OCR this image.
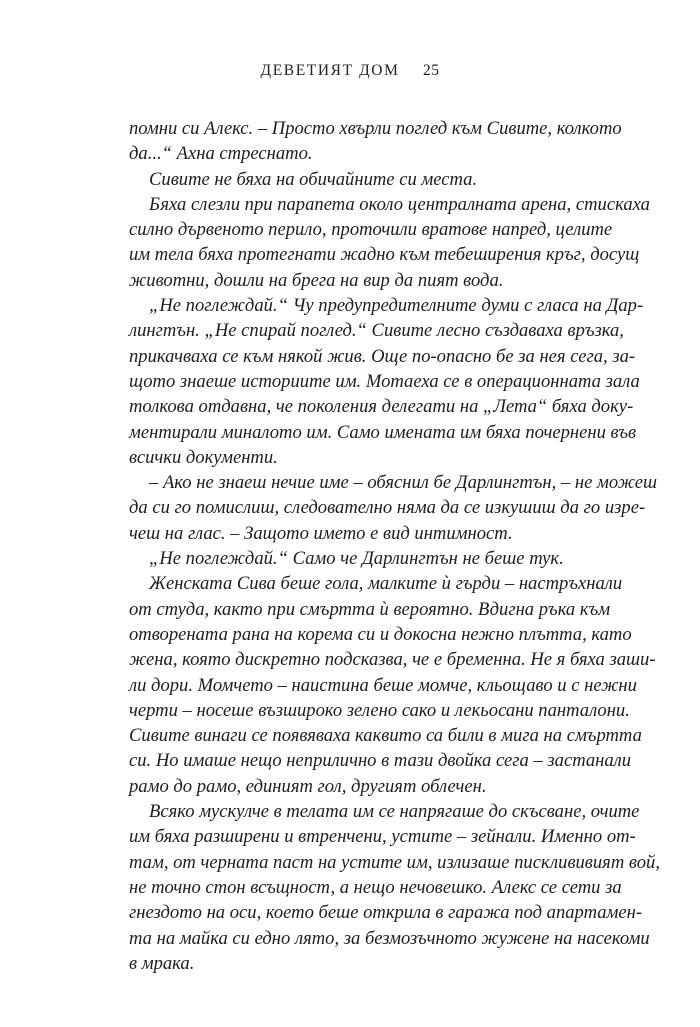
ДЕВЕТИЯТ ДОМ 25
помни си Алекс. – Просто хвърли поглед към Сивите, колкото
да...“ Ахна стреснато.
Сивите не бяха на обичайните си места.
Бяха слезли при парапета около централната арена, стискаха
силно дървеното перило, проточили вратове напред, целите
им тела бяха протегнати жадно към тебеширения кръг, досущ
животни, дошли на брега на вир да пият вода.
„Не поглеждай.“ Чу предупредителните думи с гласа на Дар-
лингтън. „Не спирай поглед.“ Сивите лесно създаваха връзка,
прикачваха се към някой жив. Още по-опасно бе за нея сега, за-
щото знаеше историите им. Мотаеха се в операционната зала
толкова отдавна, че поколения делегати на „Лета“ бяха доку-
ментирали миналото им. Само имената им бяха почернени във
всички документи.
– Ако не знаеш нечие име – обяснил бе Дарлингтън, – не можеш
да си го помислиш, следователно няма да се изкушиш да го изре-
чеш на глас. – Защото името е вид интимност.
„Не поглеждай.“ Само че Дарлингтън не беше тук.
Женската Сива беше гола, малките ѝ гърди – настръхнали
от студа, както при смъртта ѝ вероятно. Вдигна ръка към
отворената рана на корема си и докосна нежно плътта, като
жена, която дискретно подсказва, че е бременна. Не я бяха заши-
ли дори. Момчето – наистина беше момче, кльощаво и с нежни
черти – носеше възшироко зелено сако и лекьосани панталони.
Сивите винаги се появяваха каквито са били в мига на смъртта
си. Но имаше нещо неприлично в тази двойка сега – застанали
рамо до рамо, единият гол, другият облечен.
Всяко мускулче в телата им се напрягаше до скъсване, очите
им бяха разширени и втренчени, устите – зейнали. Именно от-
там, от черната паст на устите им, излизаше писклививият вой,
не точно стон всъщност, а нещо нечовешко. Алекс се сети за
гнездото на оси, което беше открила в гаража под апартамен-
та на майка си едно лято, за безмозъчното жужене на насекоми
в мрака.
